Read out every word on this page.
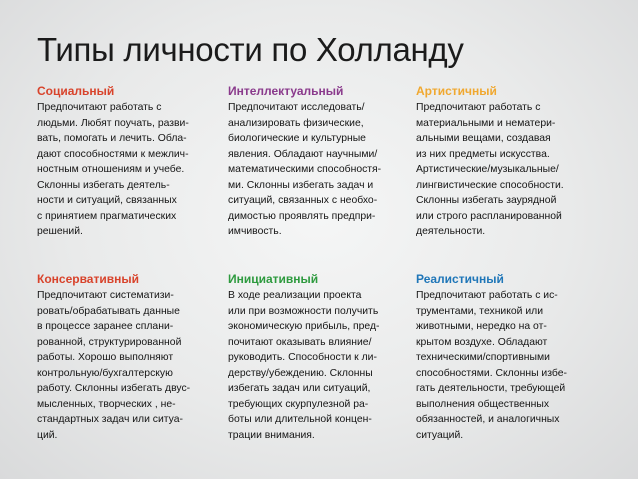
Типы личности по Холланду
Социальный
Предпочитают работать с
людьми. Любят поучать, разви-
вать, помогать и лечить. Обла-
дают способностями к межлич-
ностным отношениям и учебе.
Склонны избегать деятель-
ности и ситуаций, связанных
с принятием прагматических
решений.
Интеллектуальный
Предпочитают исследовать/
анализировать физические,
биологические и культурные
явления. Обладают научными/
математическими способностя-
ми. Склонны избегать задач и
ситуаций, связанных с необхо-
димостью проявлять предпри-
имчивость.
Артистичный
Предпочитают работать с
материальными и нематери-
альными вещами, создавая
из них предметы искусства.
Артистические/музыкальные/
лингвистические способности.
Склонны избегать заурядной
или строго распланированной
деятельности.
Консервативный
Предпочитают систематизи-
ровать/обрабатывать данные
в процессе заранее сплани-
рованной, структурированной
работы. Хорошо выполняют
контрольную/бухгалтерскую
работу. Склонны избегать двус-
мысленных, творческих , не-
стандартных задач или ситуа-
ций.
Инициативный
В ходе реализации проекта
или при возможности получить
экономическую прибыль, пред-
почитают оказывать влияние/
руководить. Способности к ли-
дерству/убеждению. Склонны
избегать задач или ситуаций,
требующих скурпулезной ра-
боты или длительной концен-
трации внимания.
Реалистичный
Предпочитают работать с ис-
трументами, техникой или
животными, нередко на от-
крытом воздухе. Обладают
техническими/спортивными
способностями. Склонны избе-
гать деятельности, требующей
выполнения общественных
обязанностей, и аналогичных
ситуаций.
